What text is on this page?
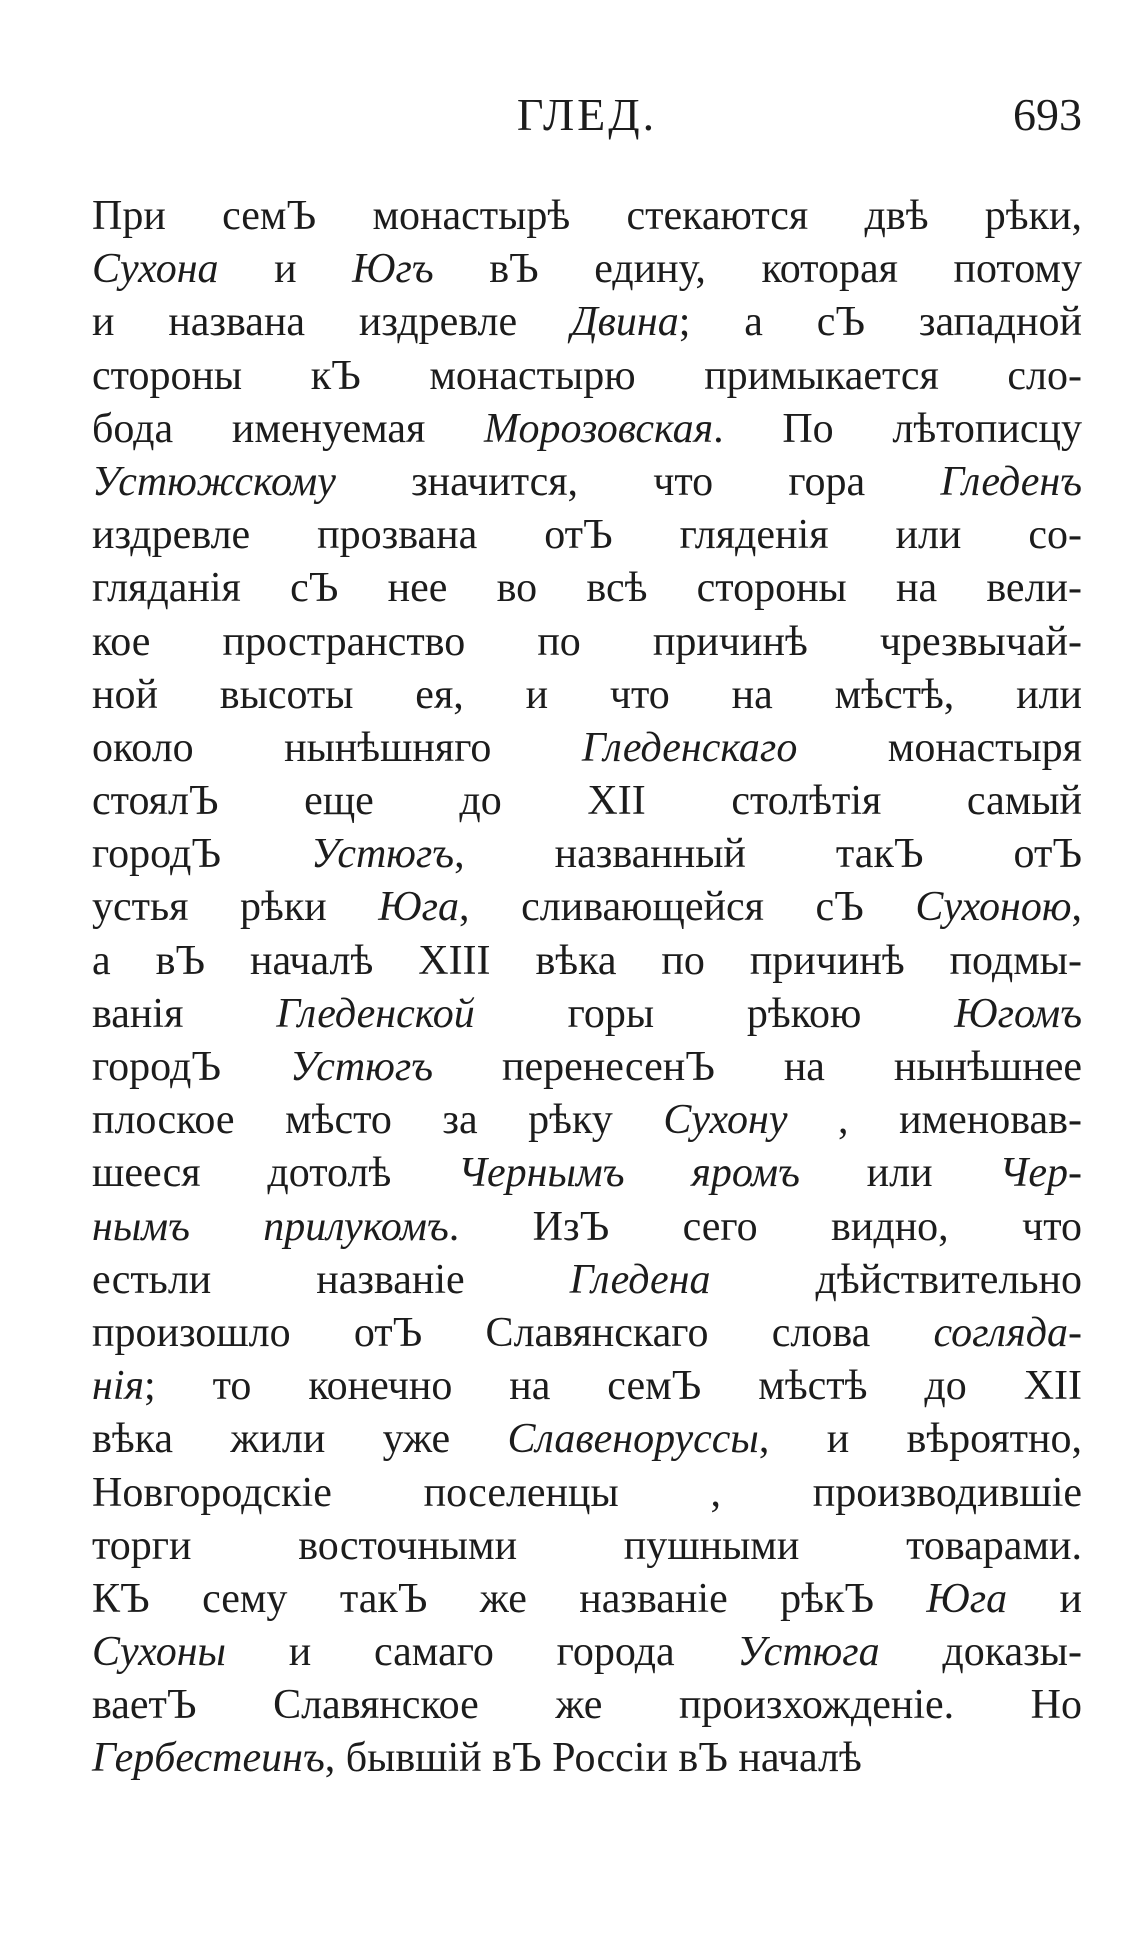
ГЛЕД.	693
При семЪ монастырѣ стекаются двѣ рѣки,
Сухона и Югъ вЪ едину, которая потому
и названа издревле Двина; а сЪ западной
стороны кЪ монастырю примыкается сло-
бода именуемая Морозовская. По лѣтописцу
Устюжскому значится, что гора Гледенъ
издревле прозвана отЪ гляденія или со-
гляданія сЪ нее во всѣ стороны на вели-
кое пространство по причинѣ чрезвычай-
ной высоты ея, и что на мѣстѣ, или
около нынѣшняго Гледенскаго монастыря
стоялЪ еще до XII столѣтія самый
городЪ Устюгъ, названный такЪ отЪ
устья рѣки Юга, сливающейся сЪ Сухоною,
а вЪ началѣ XIII вѣка по причинѣ подмы-
ванія Гледенской горы рѣкою Югомъ
городЪ Устюгъ перенесенЪ на нынѣшнее
плоское мѣсто за рѣку Сухону , именовав-
шееся дотолѣ Чернымъ яромъ или Чер-
нымъ прилукомъ. ИзЪ сего видно, что
естьли названіе Гледена дѣйствительно
произошло отЪ Славянскаго слова согляда-
нія; то конечно на семЪ мѣстѣ до XII
вѣка жили уже Славеноруссы, и вѣроятно,
Новгородскіе поселенцы , производившіе
торги восточными пушными товарами.
КЪ сему такЪ же названіе рѣкЪ Юга и
Сухоны и самаго города Устюга доказы-
ваетЪ Славянское же произхожденіе. Но
Гербестеинъ, бывшій вЪ Россіи вЪ началѣ
